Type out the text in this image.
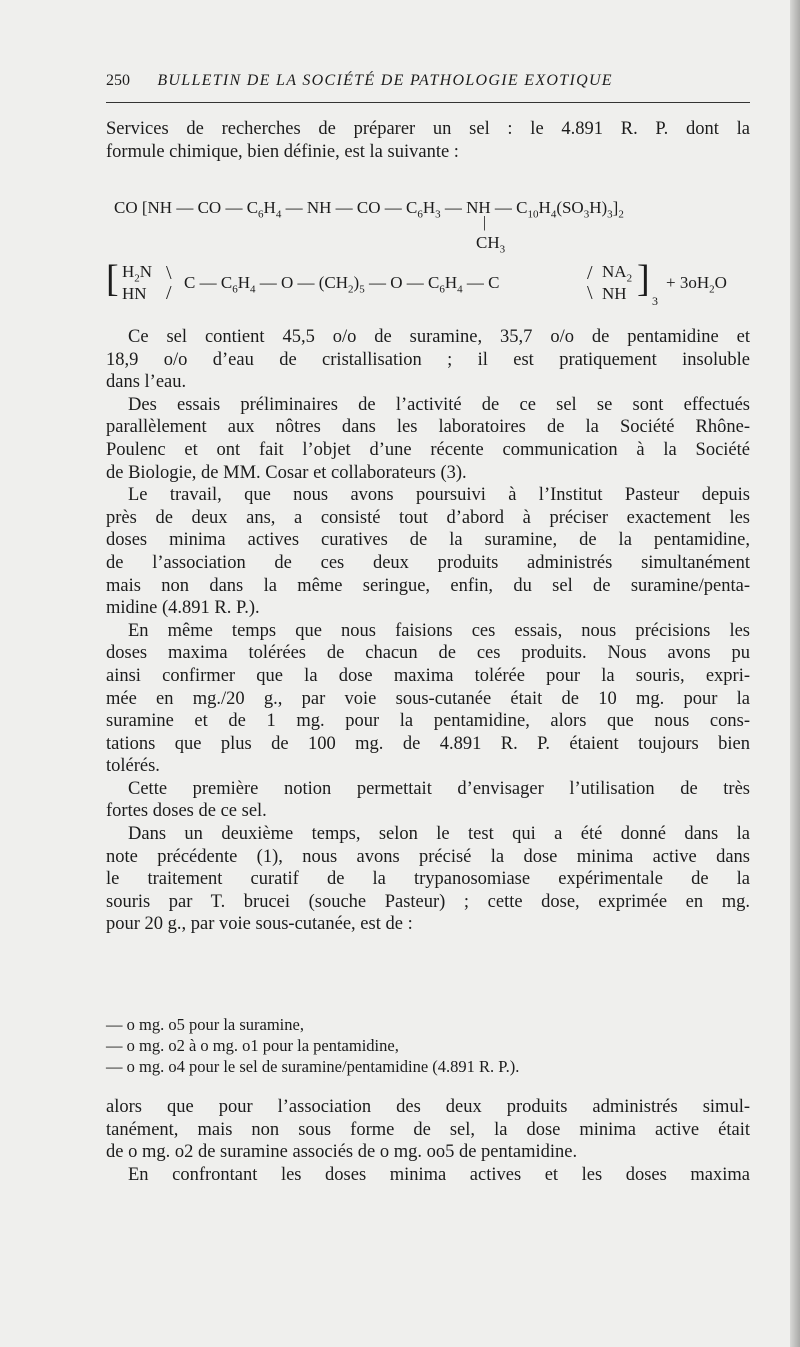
250 BULLETIN DE LA SOCIÉTÉ DE PATHOLOGIE EXOTIQUE

Services de recherches de préparer un sel : le 4.891 R. P. dont la

formule chimique, bien définie, est la suivante :

CO [NH — CO — $C_6H_4$ — NH — CO — $C_6H_3$ — NH — $C_{10}H_4(SO_3H)_3]_2$
|
$CH_3$
[ $H_2N$
HN
\
/ C — $C_6H_4$ — O — $(CH_2)_5$ — O — $C_6H_4$ — C	/
\
$NA_2$
NH ]
3
+ $3oH_2O$

Ce sel contient 45,5 o/o de suramine, 35,7 o/o de pentamidine et

18,9 o/o d’eau de cristallisation ; il est pratiquement insoluble

dans l’eau.

Des essais préliminaires de l’activité de ce sel se sont effectués

parallèlement aux nôtres dans les laboratoires de la Société Rhône-

Poulenc et ont fait l’objet d’une récente communication à la Société

de Biologie, de MM. Cosar et collaborateurs (3).

Le travail, que nous avons poursuivi à l’Institut Pasteur depuis

près de deux ans, a consisté tout d’abord à préciser exactement les

doses minima actives curatives de la suramine, de la pentamidine,

de l’association de ces deux produits administrés simultanément

mais non dans la même seringue, enfin, du sel de suramine/penta-

midine (4.891 R. P.).

En même temps que nous faisions ces essais, nous précisions les

doses maxima tolérées de chacun de ces produits. Nous avons pu

ainsi confirmer que la dose maxima tolérée pour la souris, expri-

mée en mg./20 g., par voie sous-cutanée était de 10 mg. pour la

suramine et de 1 mg. pour la pentamidine, alors que nous cons-

tations que plus de 100 mg. de 4.891 R. P. étaient toujours bien

tolérés.

Cette première notion permettait d’envisager l’utilisation de très

fortes doses de ce sel.

Dans un deuxième temps, selon le test qui a été donné dans la

note précédente (1), nous avons précisé la dose minima active dans

le traitement curatif de la trypanosomiase expérimentale de la

souris par T. brucei (souche Pasteur) ; cette dose, exprimée en mg.

pour 20 g., par voie sous-cutanée, est de :

— o mg. o5 pour la suramine,
— o mg. o2 à o mg. o1 pour la pentamidine,
— o mg. o4 pour le sel de suramine/pentamidine (4.891 R. P.).

alors que pour l’association des deux produits administrés simul-

tanément, mais non sous forme de sel, la dose minima active était

de o mg. o2 de suramine associés de o mg. oo5 de pentamidine.

En confrontant les doses minima actives et les doses maxima
